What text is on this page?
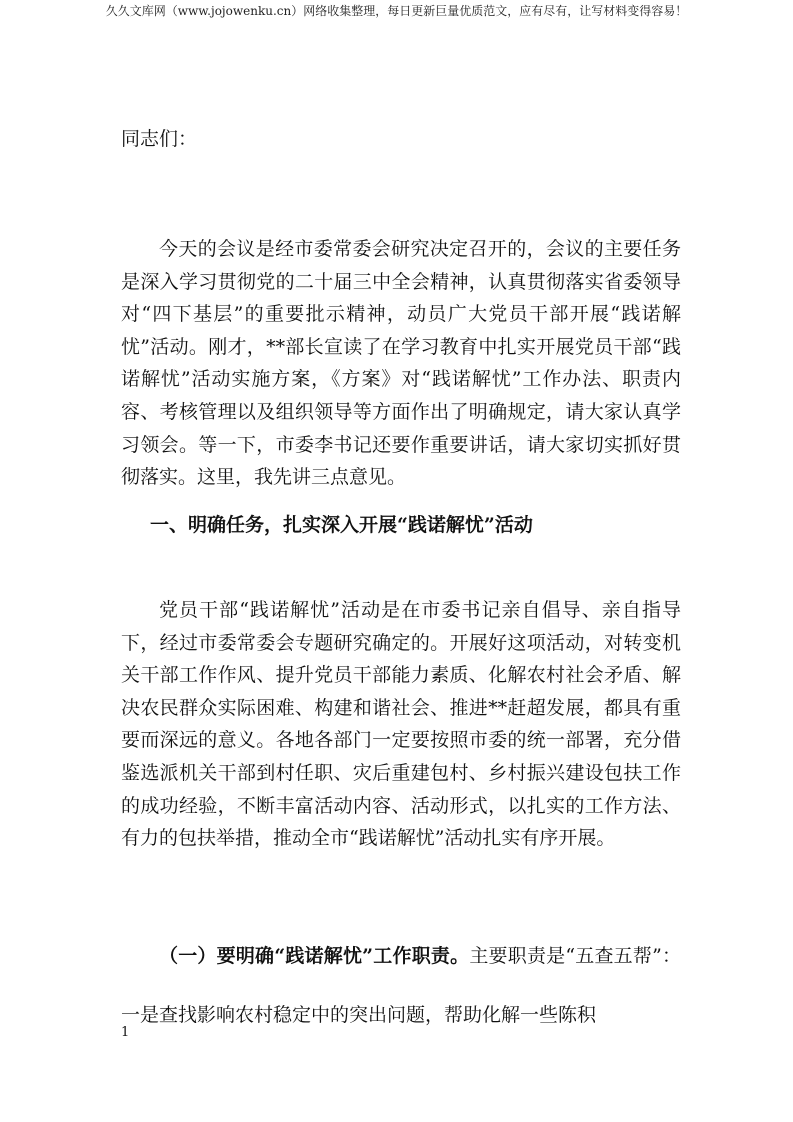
久久文库网（www.jojowenku.cn）网络收集整理，每日更新巨量优质范文，应有尽有，让写材料变得容易！
同志们：

今天的会议是经市委常委会研究决定召开的，会议的主要任务是深入学习贯彻党的二十届三中全会精神，认真贯彻落实省委领导对“四下基层”的重要批示精神，动员广大党员干部开展“践诺解忧”活动。刚才，**部长宣读了在学习教育中扎实开展党员干部“践诺解忧”活动实施方案，《方案》对“践诺解忧”工作办法、职责内容、考核管理以及组织领导等方面作出了明确规定，请大家认真学习领会。等一下，市委李书记还要作重要讲话，请大家切实抓好贯彻落实。这里，我先讲三点意见。

一、明确任务，扎实深入开展“践诺解忧”活动

党员干部“践诺解忧”活动是在市委书记亲自倡导、亲自指导下，经过市委常委会专题研究确定的。开展好这项活动，对转变机关干部工作作风、提升党员干部能力素质、化解农村社会矛盾、解决农民群众实际困难、构建和谐社会、推进**赶超发展，都具有重要而深远的意义。各地各部门一定要按照市委的统一部署，充分借鉴选派机关干部到村任职、灾后重建包村、乡村振兴建设包扶工作的成功经验，不断丰富活动内容、活动形式，以扎实的工作方法、有力的包扶举措，推动全市“践诺解忧”活动扎实有序开展。

（一）要明确“践诺解忧”工作职责。主要职责是“五查五帮”：一是查找影响农村稳定中的突出问题，帮助化解一些陈积

1
